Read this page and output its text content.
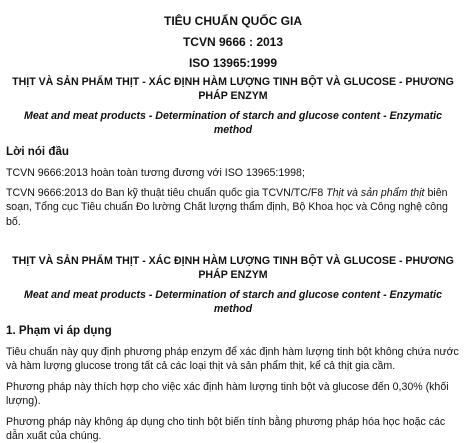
TIÊU CHUẨN QUỐC GIA
TCVN 9666 : 2013
ISO 13965:1999
THỊT VÀ SẢN PHẨM THỊT - XÁC ĐỊNH HÀM LƯỢNG TINH BỘT VÀ GLUCOSE - PHƯƠNG PHÁP ENZYM
Meat and meat products - Determination of starch and glucose content - Enzymatic method
Lời nói đầu

TCVN 9666:2013 hoàn toàn tương đương với ISO 13965:1998;

TCVN 9666:2013 do Ban kỹ thuật tiêu chuẩn quốc gia TCVN/TC/F8 Thịt và sản phẩm thịt biên soạn, Tổng cục Tiêu chuẩn Đo lường Chất lượng thẩm định, Bộ Khoa học và Công nghệ công bố.

THỊT VÀ SẢN PHẨM THỊT - XÁC ĐỊNH HÀM LƯỢNG TINH BỘT VÀ GLUCOSE - PHƯƠNG PHÁP ENZYM
Meat and meat products - Determination of starch and glucose content - Enzymatic method
1. Phạm vi áp dụng

Tiêu chuẩn này quy định phương pháp enzym để xác định hàm lượng tinh bột không chứa nước và hàm lượng glucose trong tất cả các loại thịt và sản phẩm thịt, kể cả thịt gia cầm.

Phương pháp này thích hợp cho việc xác định hàm lượng tinh bột và glucose đến 0,30% (khối lượng).

Phương pháp này không áp dụng cho tinh bột biến tính bằng phương pháp hóa học hoặc các dẫn xuất của chúng.
